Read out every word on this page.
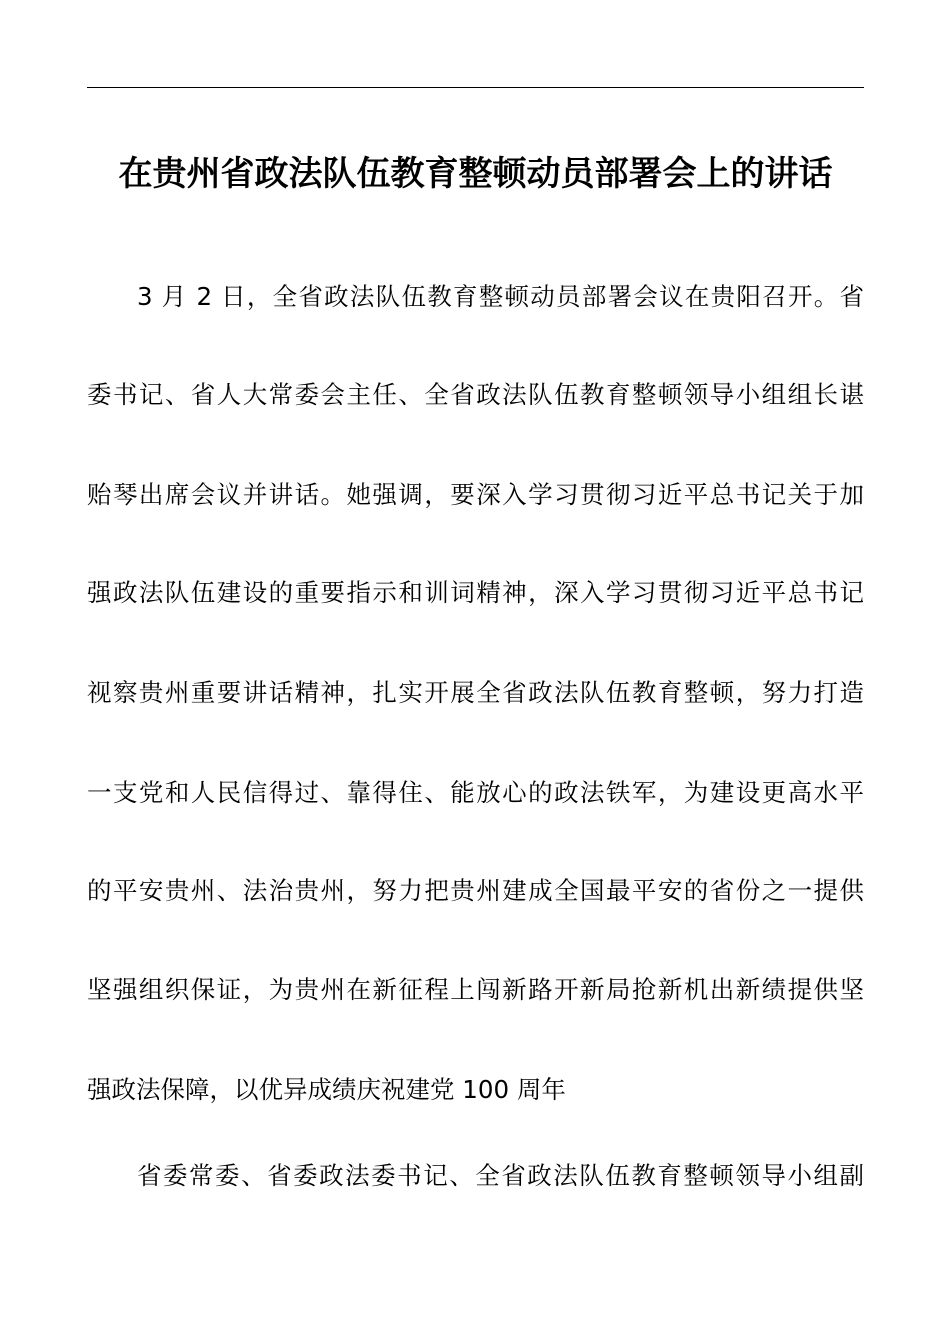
在贵州省政法队伍教育整顿动员部署会上的讲话
3 月 2 日，全省政法队伍教育整顿动员部署会议在贵阳召开。省
委书记、省人大常委会主任、全省政法队伍教育整顿领导小组组长谌
贻琴出席会议并讲话。她强调，要深入学习贯彻习近平总书记关于加
强政法队伍建设的重要指示和训词精神，深入学习贯彻习近平总书记
视察贵州重要讲话精神，扎实开展全省政法队伍教育整顿，努力打造
一支党和人民信得过、靠得住、能放心的政法铁军，为建设更高水平
的平安贵州、法治贵州，努力把贵州建成全国最平安的省份之一提供
坚强组织保证，为贵州在新征程上闯新路开新局抢新机出新绩提供坚
强政法保障，以优异成绩庆祝建党 100 周年
省委常委、省委政法委书记、全省政法队伍教育整顿领导小组副
